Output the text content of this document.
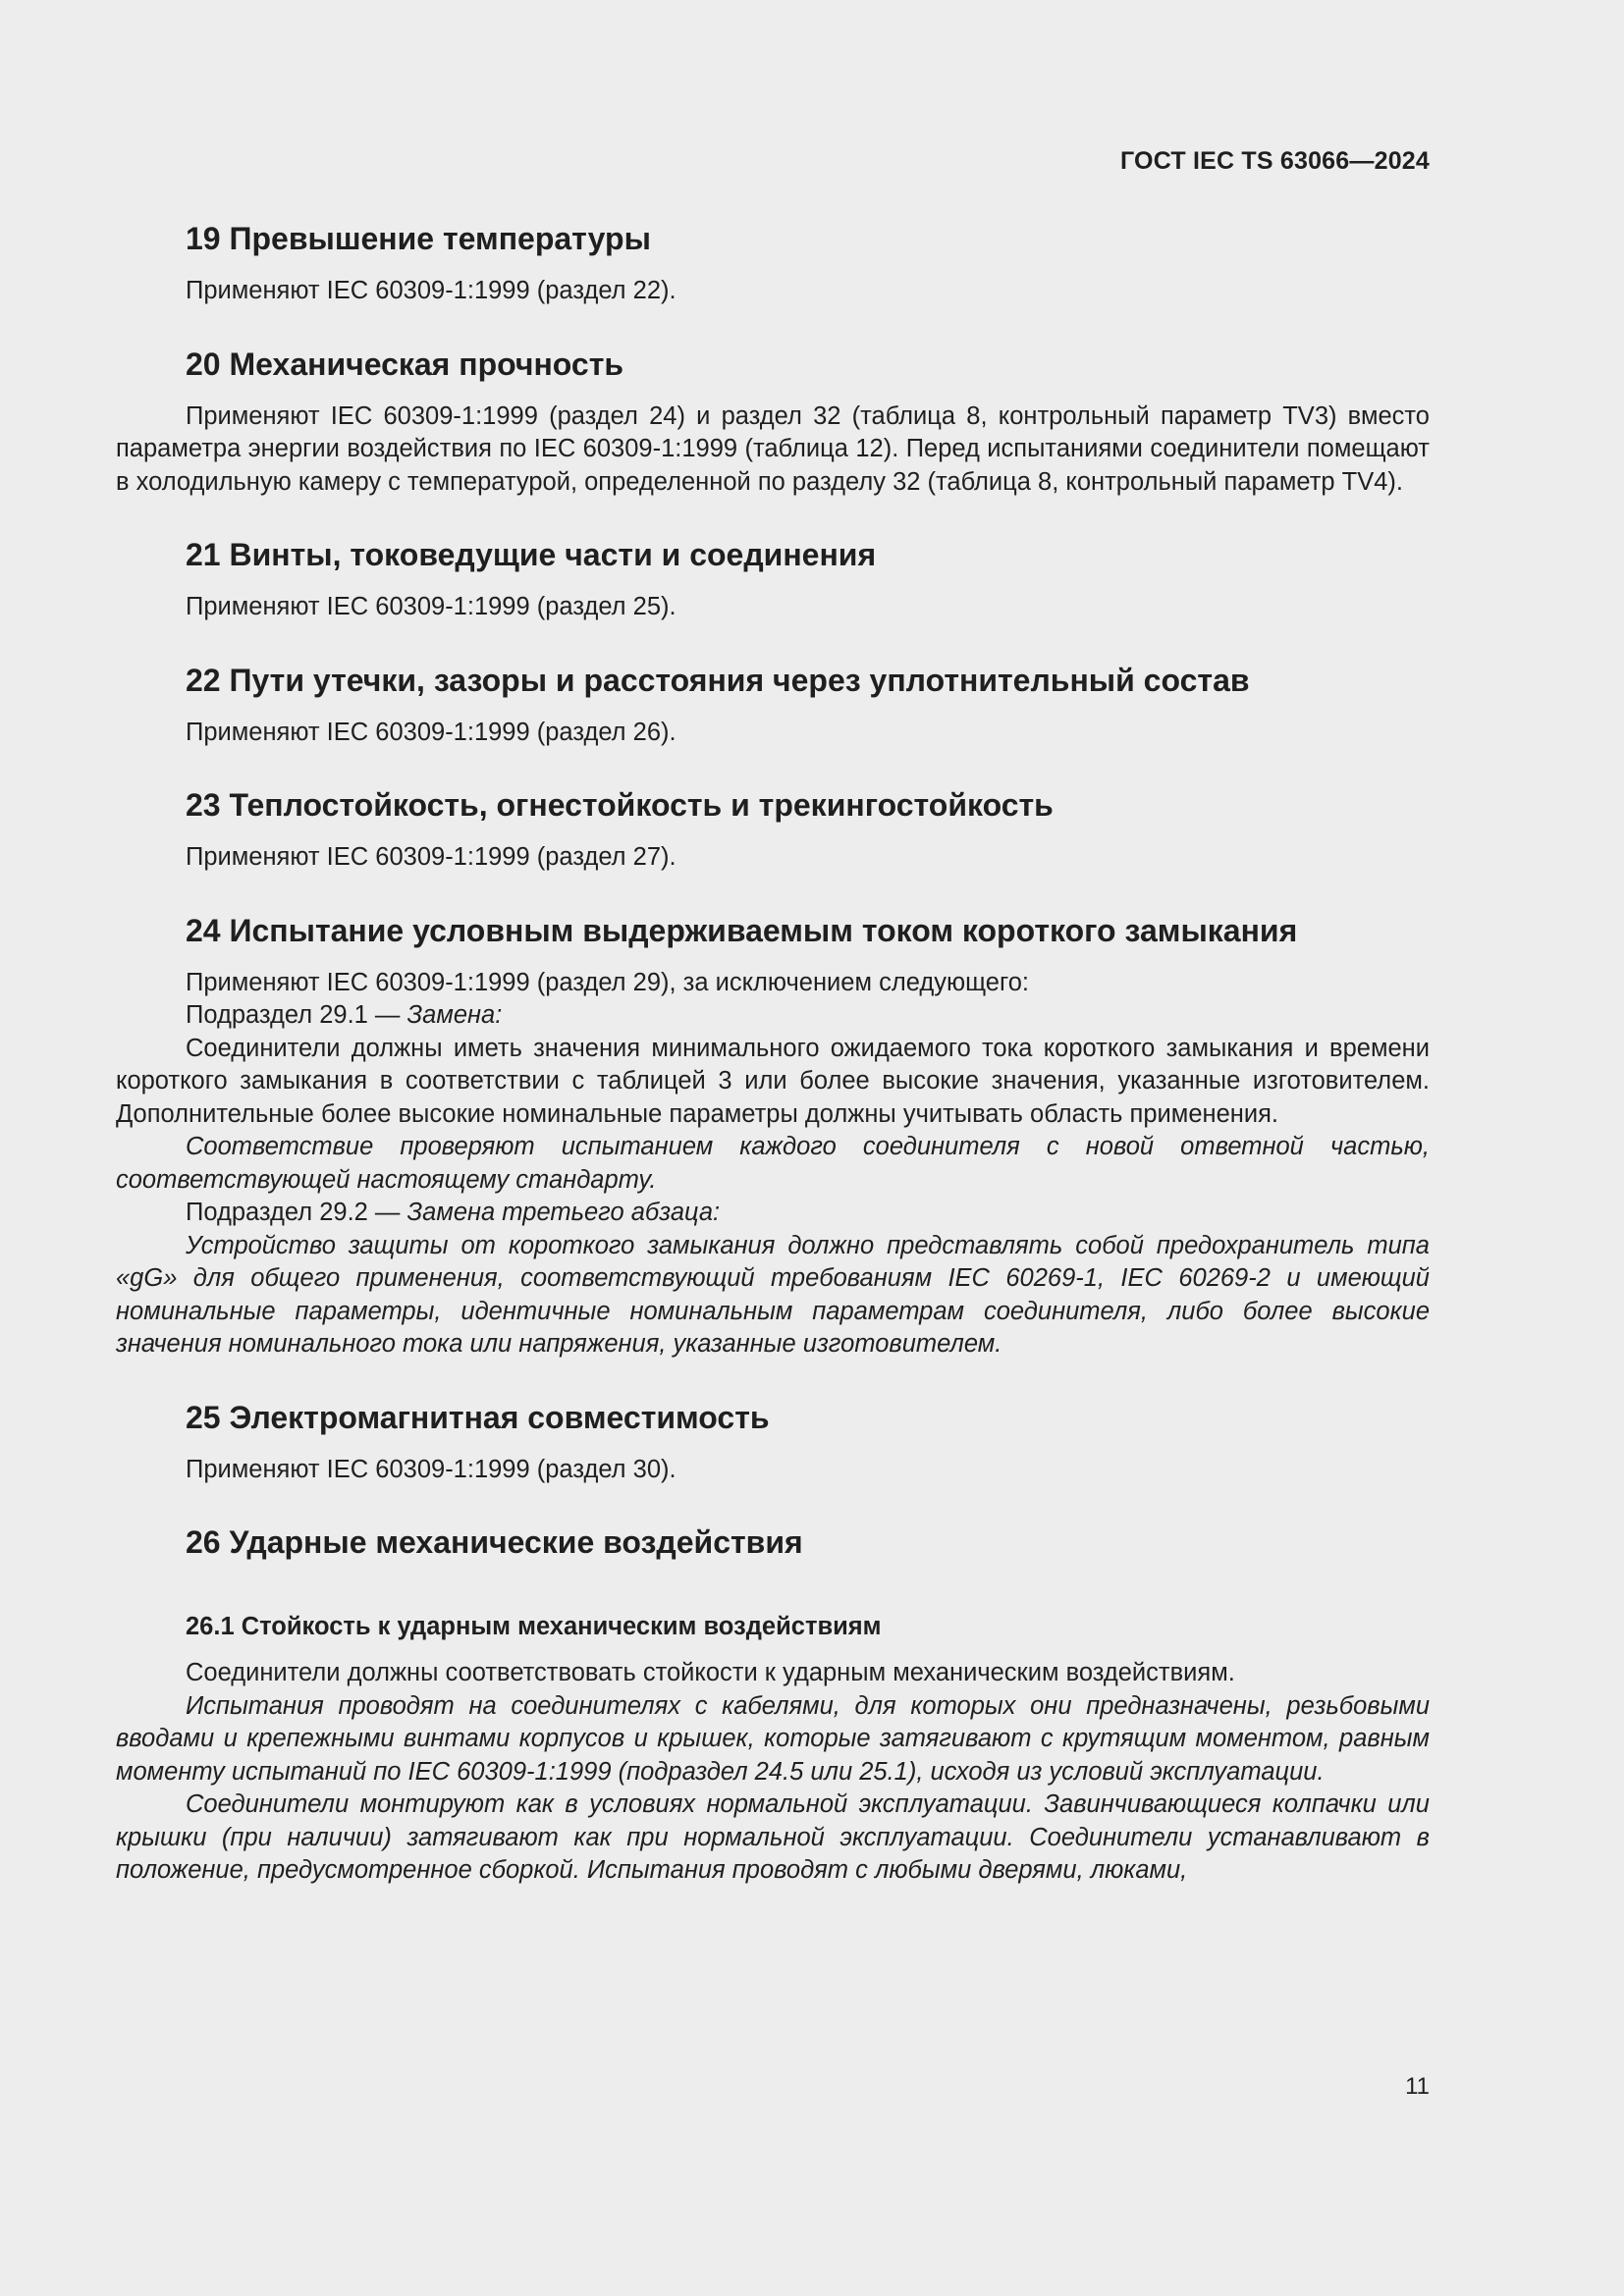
ГОСТ IEC TS 63066—2024
19 Превышение температуры

Применяют IEC 60309-1:1999 (раздел 22).

20 Механическая прочность

Применяют IEC 60309-1:1999 (раздел 24) и раздел 32 (таблица 8, контрольный параметр TV3) вместо параметра энергии воздействия по IEC 60309-1:1999 (таблица 12). Перед испытаниями соединители помещают в холодильную камеру с температурой, определенной по разделу 32 (таблица 8, контрольный параметр TV4).

21 Винты, токоведущие части и соединения

Применяют IEC 60309-1:1999 (раздел 25).

22 Пути утечки, зазоры и расстояния через уплотнительный состав

Применяют IEC 60309-1:1999 (раздел 26).

23 Теплостойкость, огнестойкость и трекингостойкость

Применяют IEC 60309-1:1999 (раздел 27).

24 Испытание условным выдерживаемым током короткого замыкания

Применяют IEC 60309-1:1999 (раздел 29), за исключением следующего:

Подраздел 29.1 — Замена:

Соединители должны иметь значения минимального ожидаемого тока короткого замыкания и времени короткого замыкания в соответствии с таблицей 3 или более высокие значения, указанные изготовителем. Дополнительные более высокие номинальные параметры должны учитывать область применения.

Соответствие проверяют испытанием каждого соединителя с новой ответной частью, соответствующей настоящему стандарту.

Подраздел 29.2 — Замена третьего абзаца:

Устройство защиты от короткого замыкания должно представлять собой предохранитель типа «gG» для общего применения, соответствующий требованиям IEC 60269-1, IEC 60269-2 и имеющий номинальные параметры, идентичные номинальным параметрам соединителя, либо более высокие значения номинального тока или напряжения, указанные изготовителем.

25 Электромагнитная совместимость

Применяют IEC 60309-1:1999 (раздел 30).

26 Ударные механические воздействия
26.1 Стойкость к ударным механическим воздействиям

Соединители должны соответствовать стойкости к ударным механическим воздействиям.

Испытания проводят на соединителях с кабелями, для которых они предназначены, резьбовыми вводами и крепежными винтами корпусов и крышек, которые затягивают с крутящим моментом, равным моменту испытаний по IEC 60309-1:1999 (подраздел 24.5 или 25.1), исходя из условий эксплуатации.

Соединители монтируют как в условиях нормальной эксплуатации. Завинчивающиеся колпачки или крышки (при наличии) затягивают как при нормальной эксплуатации. Соединители устанавливают в положение, предусмотренное сборкой. Испытания проводят с любыми дверями, люками,

11
